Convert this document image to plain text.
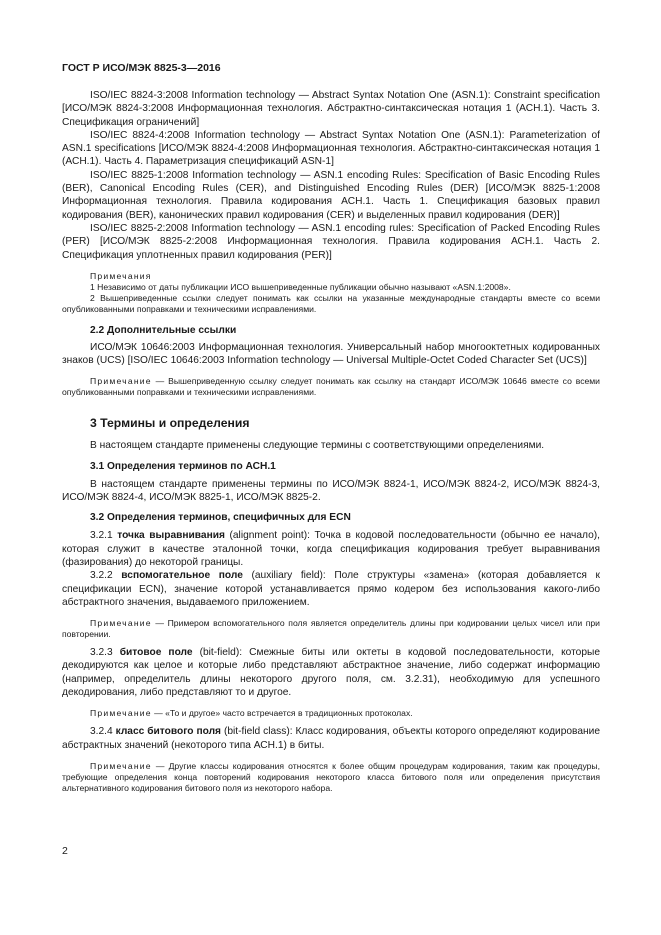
ГОСТ Р ИСО/МЭК 8825-3—2016

ISO/IEC 8824-3:2008 Information technology — Abstract Syntax Notation One (ASN.1): Constraint specification [ИСО/МЭК 8824-3:2008 Информационная технология. Абстрактно-синтаксическая нотация 1 (АСН.1). Часть 3. Спецификация ограничений]

ISO/IEC 8824-4:2008 Information technology — Abstract Syntax Notation One (ASN.1): Parameterization of ASN.1 specifications [ИСО/МЭК 8824-4:2008 Информационная технология. Абстрактно-синтаксическая нотация 1 (АСН.1). Часть 4. Параметризация спецификаций ASN-1]

ISO/IEC 8825-1:2008 Information technology — ASN.1 encoding Rules: Specification of Basic Encoding Rules (BER), Canonical Encoding Rules (CER), and Distinguished Encoding Rules (DER) [ИСО/МЭК 8825-1:2008 Информационная технология. Правила кодирования АСН.1. Часть 1. Спецификация базовых правил кодирования (BER), канонических правил кодирования (CER) и выделенных правил кодирования (DER)]

ISO/IEC 8825-2:2008 Information technology — ASN.1 encoding rules: Specification of Packed Encoding Rules (PER) [ИСО/МЭК 8825-2:2008 Информационная технология. Правила кодирования АСН.1. Часть 2. Спецификация уплотненных правил кодирования (PER)]

Примечания

1 Независимо от даты публикации ИСО вышеприведенные публикации обычно называют «ASN.1:2008».

2 Вышеприведенные ссылки следует понимать как ссылки на указанные международные стандарты вместе со всеми опубликованными поправками и техническими исправлениями.

2.2 Дополнительные ссылки

ИСО/МЭК 10646:2003 Информационная технология. Универсальный набор многооктетных кодированных знаков (UCS) [ISO/IEC 10646:2003 Information technology — Universal Multiple-Octet Coded Character Set (UCS)]

Примечание — Вышеприведенную ссылку следует понимать как ссылку на стандарт ИСО/МЭК 10646 вместе со всеми опубликованными поправками и техническими исправлениями.

3 Термины и определения

В настоящем стандарте применены следующие термины с соответствующими определениями.

3.1 Определения терминов по АСН.1

В настоящем стандарте применены термины по ИСО/МЭК 8824-1, ИСО/МЭК 8824-2, ИСО/МЭК 8824-3, ИСО/МЭК 8824-4, ИСО/МЭК 8825-1, ИСО/МЭК 8825-2.

3.2 Определения терминов, специфичных для ECN

3.2.1 точка выравнивания (alignment point): Точка в кодовой последовательности (обычно ее начало), которая служит в качестве эталонной точки, когда спецификация кодирования требует выравнивания (фазирования) до некоторой границы.

3.2.2 вспомогательное поле (auxiliary field): Поле структуры «замена» (которая добавляется к спецификации ECN), значение которой устанавливается прямо кодером без использования какого-либо абстрактного значения, выдаваемого приложением.

Примечание — Примером вспомогательного поля является определитель длины при кодировании целых чисел или при повторении.

3.2.3 битовое поле (bit-field): Смежные биты или октеты в кодовой последовательности, которые декодируются как целое и которые либо представляют абстрактное значение, либо содержат информацию (например, определитель длины некоторого другого поля, см. 3.2.31), необходимую для успешного декодирования, либо представляют то и другое.

Примечание — «То и другое» часто встречается в традиционных протоколах.

3.2.4 класс битового поля (bit-field class): Класс кодирования, объекты которого определяют кодирование абстрактных значений (некоторого типа АСН.1) в биты.

Примечание — Другие классы кодирования относятся к более общим процедурам кодирования, таким как процедуры, требующие определения конца повторений кодирования некоторого класса битового поля или определения присутствия альтернативного кодирования битового поля из некоторого набора.

2
